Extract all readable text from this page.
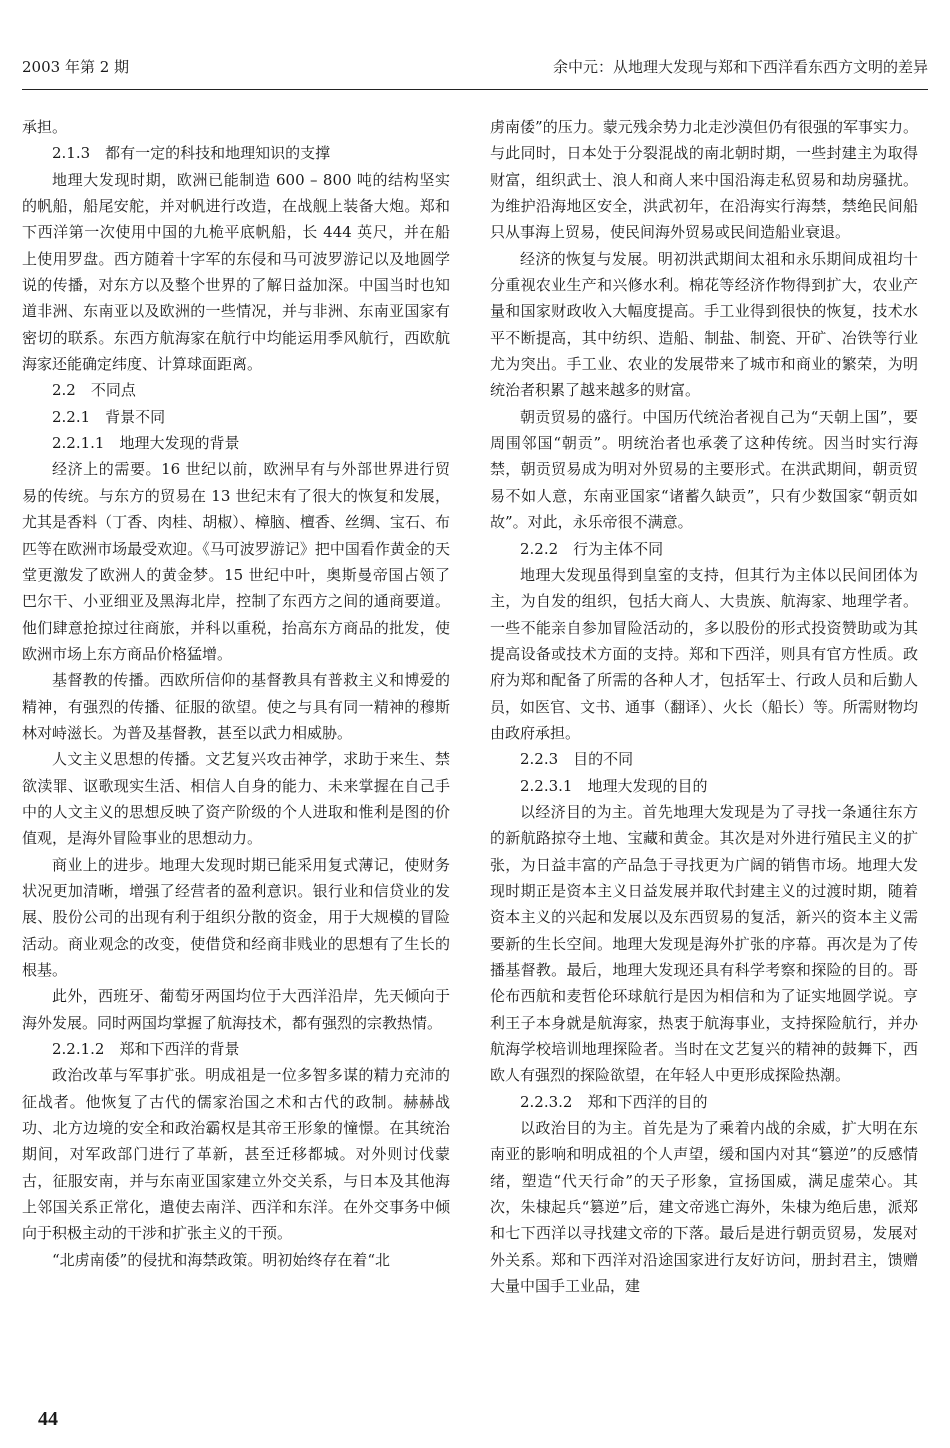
2003 年第 2 期	余中元：从地理大发现与郑和下西洋看东西方文明的差异

承担。

2.1.3　都有一定的科技和地理知识的支撑

地理大发现时期，欧洲已能制造 600 – 800 吨的结构坚实的帆船，船尾安舵，并对帆进行改造，在战舰上装备大炮。郑和下西洋第一次使用中国的九桅平底帆船，长 444 英尺，并在船上使用罗盘。西方随着十字军的东侵和马可波罗游记以及地圆学说的传播，对东方以及整个世界的了解日益加深。中国当时也知道非洲、东南亚以及欧洲的一些情况，并与非洲、东南亚国家有密切的联系。东西方航海家在航行中均能运用季风航行，西欧航海家还能确定纬度、计算球面距离。

2.2　不同点

2.2.1　背景不同

2.2.1.1　地理大发现的背景

经济上的需要。16 世纪以前，欧洲早有与外部世界进行贸易的传统。与东方的贸易在 13 世纪末有了很大的恢复和发展，尤其是香料（丁香、肉桂、胡椒）、樟脑、檀香、丝绸、宝石、布匹等在欧洲市场最受欢迎。《马可波罗游记》把中国看作黄金的天堂更激发了欧洲人的黄金梦。15 世纪中叶，奥斯曼帝国占领了巴尔干、小亚细亚及黑海北岸，控制了东西方之间的通商要道。他们肆意抢掠过往商旅，并科以重税，抬高东方商品的批发，使欧洲市场上东方商品价格猛增。

基督教的传播。西欧所信仰的基督教具有普救主义和博爱的精神，有强烈的传播、征服的欲望。使之与具有同一精神的穆斯林对峙滋长。为普及基督教，甚至以武力相威胁。

人文主义思想的传播。文艺复兴攻击神学，求助于来生、禁欲渎罪、讴歌现实生活、相信人自身的能力、未来掌握在自己手中的人文主义的思想反映了资产阶级的个人进取和惟利是图的价值观，是海外冒险事业的思想动力。

商业上的进步。地理大发现时期已能采用复式薄记，使财务状况更加清晰，增强了经营者的盈利意识。银行业和信贷业的发展、股份公司的出现有利于组织分散的资金，用于大规模的冒险活动。商业观念的改变，使借贷和经商非贱业的思想有了生长的根基。

此外，西班牙、葡萄牙两国均位于大西洋沿岸，先天倾向于海外发展。同时两国均掌握了航海技术，都有强烈的宗教热情。

2.2.1.2　郑和下西洋的背景

政治改革与军事扩张。明成祖是一位多智多谋的精力充沛的征战者。他恢复了古代的儒家治国之术和古代的政制。赫赫战功、北方边境的安全和政治霸权是其帝王形象的憧憬。在其统治期间，对军政部门进行了革新，甚至迁移都城。对外则讨伐蒙古，征服安南，并与东南亚国家建立外交关系，与日本及其他海上邻国关系正常化，遣使去南洋、西洋和东洋。在外交事务中倾向于积极主动的干涉和扩张主义的干预。

“北虏南倭”的侵扰和海禁政策。明初始终存在着“北

虏南倭”的压力。蒙元残余势力北走沙漠但仍有很强的军事实力。与此同时，日本处于分裂混战的南北朝时期，一些封建主为取得财富，组织武士、浪人和商人来中国沿海走私贸易和劫房骚扰。为维护沿海地区安全，洪武初年，在沿海实行海禁，禁绝民间船只从事海上贸易，使民间海外贸易或民间造船业衰退。

经济的恢复与发展。明初洪武期间太祖和永乐期间成祖均十分重视农业生产和兴修水利。棉花等经济作物得到扩大，农业产量和国家财政收入大幅度提高。手工业得到很快的恢复，技术水平不断提高，其中纺织、造船、制盐、制瓷、开矿、冶铁等行业尤为突出。手工业、农业的发展带来了城市和商业的繁荣，为明统治者积累了越来越多的财富。

朝贡贸易的盛行。中国历代统治者视自己为“天朝上国”，要周围邻国“朝贡”。明统治者也承袭了这种传统。因当时实行海禁，朝贡贸易成为明对外贸易的主要形式。在洪武期间，朝贡贸易不如人意，东南亚国家“诸蓄久缺贡”，只有少数国家“朝贡如故”。对此，永乐帝很不满意。

2.2.2　行为主体不同

地理大发现虽得到皇室的支持，但其行为主体以民间团体为主，为自发的组织，包括大商人、大贵族、航海家、地理学者。一些不能亲自参加冒险活动的，多以股份的形式投资赞助或为其提高设备或技术方面的支持。郑和下西洋，则具有官方性质。政府为郑和配备了所需的各种人才，包括军士、行政人员和后勤人员，如医官、文书、通事（翻译）、火长（船长）等。所需财物均由政府承担。

2.2.3　目的不同

2.2.3.1　地理大发现的目的

以经济目的为主。首先地理大发现是为了寻找一条通往东方的新航路掠夺土地、宝藏和黄金。其次是对外进行殖民主义的扩张，为日益丰富的产品急于寻找更为广阔的销售市场。地理大发现时期正是资本主义日益发展并取代封建主义的过渡时期，随着资本主义的兴起和发展以及东西贸易的复活，新兴的资本主义需要新的生长空间。地理大发现是海外扩张的序幕。再次是为了传播基督教。最后，地理大发现还具有科学考察和探险的目的。哥伦布西航和麦哲伦环球航行是因为相信和为了证实地圆学说。亨利王子本身就是航海家，热衷于航海事业，支持探险航行，并办航海学校培训地理探险者。当时在文艺复兴的精神的鼓舞下，西欧人有强烈的探险欲望，在年轻人中更形成探险热潮。

2.2.3.2　郑和下西洋的目的

以政治目的为主。首先是为了乘着内战的余威，扩大明在东南亚的影响和明成祖的个人声望，缓和国内对其“篡逆”的反感情绪，塑造“代天行命”的天子形象，宣扬国威，满足虚荣心。其次，朱棣起兵“篡逆”后，建文帝逃亡海外，朱棣为绝后患，派郑和七下西洋以寻找建文帝的下落。最后是进行朝贡贸易，发展对外关系。郑和下西洋对沿途国家进行友好访问，册封君主，馈赠大量中国手工业品，建

44
